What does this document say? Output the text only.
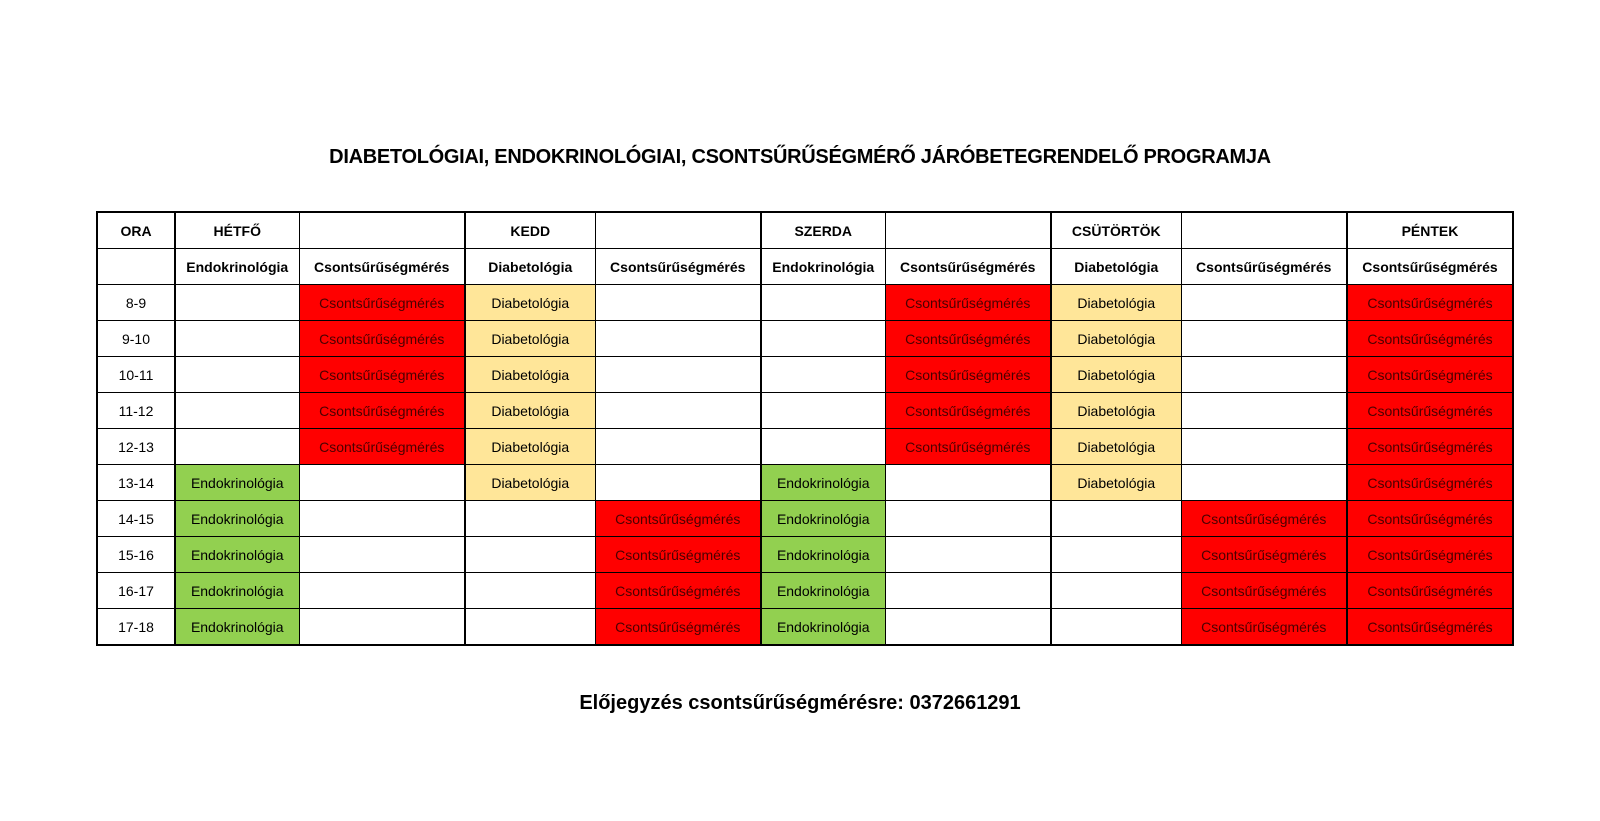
DIABETOLÓGIAI, ENDOKRINOLÓGIAI, CSONTSŰRŰSÉGMÉRŐ JÁRÓBETEGRENDELŐ PROGRAMJA
ORA	HÉTFŐ		KEDD		SZERDA		CSÜTÖRTÖK		PÉNTEK
	Endokrinológia	Csontsűrűségmérés	Diabetológia	Csontsűrűségmérés	Endokrinológia	Csontsűrűségmérés	Diabetológia	Csontsűrűségmérés	Csontsűrűségmérés
8-9		Csontsűrűségmérés	Diabetológia			Csontsűrűségmérés	Diabetológia		Csontsűrűségmérés
9-10		Csontsűrűségmérés	Diabetológia			Csontsűrűségmérés	Diabetológia		Csontsűrűségmérés
10-11		Csontsűrűségmérés	Diabetológia			Csontsűrűségmérés	Diabetológia		Csontsűrűségmérés
11-12		Csontsűrűségmérés	Diabetológia			Csontsűrűségmérés	Diabetológia		Csontsűrűségmérés
12-13		Csontsűrűségmérés	Diabetológia			Csontsűrűségmérés	Diabetológia		Csontsűrűségmérés
13-14	Endokrinológia		Diabetológia		Endokrinológia		Diabetológia		Csontsűrűségmérés
14-15	Endokrinológia			Csontsűrűségmérés	Endokrinológia			Csontsűrűségmérés	Csontsűrűségmérés
15-16	Endokrinológia			Csontsűrűségmérés	Endokrinológia			Csontsűrűségmérés	Csontsűrűségmérés
16-17	Endokrinológia			Csontsűrűségmérés	Endokrinológia			Csontsűrűségmérés	Csontsűrűségmérés
17-18	Endokrinológia			Csontsűrűségmérés	Endokrinológia			Csontsűrűségmérés	Csontsűrűségmérés
Előjegyzés csontsűrűségmérésre: 0372661291
